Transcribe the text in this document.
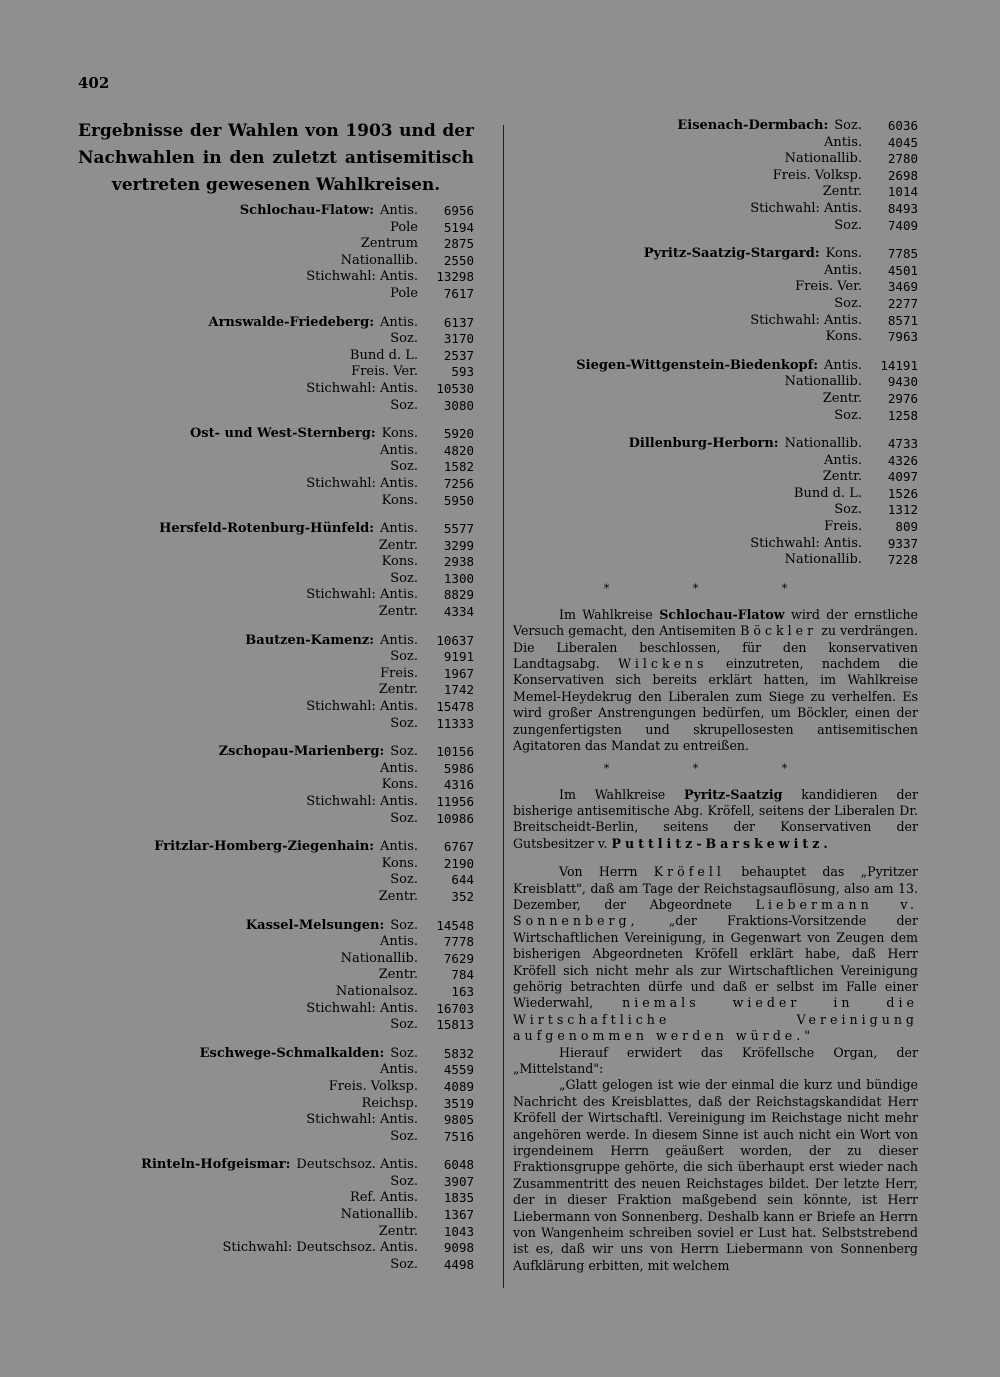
402
Ergebnisse der Wahlen von 1903 und der Nachwahlen in den zuletzt antisemitisch vertreten gewesenen Wahlkreisen.
Schlochau-Flatow: Antis.	6956
Pole	5194
Zentrum	2875
Nationallib.	2550
Stichwahl: Antis.	13298
Pole	7617
Arnswalde-Friedeberg: Antis.	6137
Soz.	3170
Bund d. L.	2537
Freis. Ver.	593
Stichwahl: Antis.	10530
Soz.	3080
Ost- und West-Sternberg: Kons.	5920
Antis.	4820
Soz.	1582
Stichwahl: Antis.	7256
Kons.	5950
Hersfeld-Rotenburg-Hünfeld: Antis.	5577
Zentr.	3299
Kons.	2938
Soz.	1300
Stichwahl: Antis.	8829
Zentr.	4334
Bautzen-Kamenz: Antis.	10637
Soz.	9191
Freis.	1967
Zentr.	1742
Stichwahl: Antis.	15478
Soz.	11333
Zschopau-Marienberg: Soz.	10156
Antis.	5986
Kons.	4316
Stichwahl: Antis.	11956
Soz.	10986
Fritzlar-Homberg-Ziegenhain: Antis.	6767
Kons.	2190
Soz.	644
Zentr.	352
Kassel-Melsungen: Soz.	14548
Antis.	7778
Nationallib.	7629
Zentr.	784
Nationalsoz.	163
Stichwahl: Antis.	16703
Soz.	15813
Eschwege-Schmalkalden: Soz.	5832
Antis.	4559
Freis. Volksp.	4089
Reichsp.	3519
Stichwahl: Antis.	9805
Soz.	7516
Rinteln-Hofgeismar: Deutschsoz. Antis.	6048
Soz.	3907
Ref. Antis.	1835
Nationallib.	1367
Zentr.	1043
Stichwahl: Deutschsoz. Antis.	9098
Soz.	4498
Eisenach-Dermbach: Soz.	6036
Antis.	4045
Nationallib.	2780
Freis. Volksp.	2698
Zentr.	1014
Stichwahl: Antis.	8493
Soz.	7409
Pyritz-Saatzig-Stargard: Kons.	7785
Antis.	4501
Freis. Ver.	3469
Soz.	2277
Stichwahl: Antis.	8571
Kons.	7963
Siegen-Wittgenstein-Biedenkopf: Antis.	14191
Nationallib.	9430
Zentr.	2976
Soz.	1258
Dillenburg-Herborn: Nationallib.	4733
Antis.	4326
Zentr.	4097
Bund d. L.	1526
Soz.	1312
Freis.	809
Stichwahl: Antis.	9337
Nationallib.	7228
* * *

Im Wahlkreise Schlochau-Flatow wird der ernstliche Versuch gemacht, den Antisemiten Böckler zu verdrängen. Die Liberalen beschlossen, für den konservativen Landtagsabg. Wilckens einzutreten, nachdem die Konservativen sich bereits erklärt hatten, im Wahlkreise Memel-Heydekrug den Liberalen zum Siege zu verhelfen. Es wird großer Anstrengungen bedürfen, um Böckler, einen der zungenfertigsten und skrupellosesten antisemitischen Agitatoren das Mandat zu entreißen.

* * *

Im Wahlkreise Pyritz-Saatzig kandidieren der bisherige antisemitische Abg. Kröfell, seitens der Liberalen Dr. Breitscheidt-Berlin, seitens der Konservativen der Gutsbesitzer v. Puttlitz-Barskewitz.

Von Herrn Kröfell behauptet das „Pyritzer Kreisblatt", daß am Tage der Reichstagsauflösung, also am 13. Dezember, der Abgeordnete Liebermann v. Sonnenberg, „der Fraktions-Vorsitzende der Wirtschaftlichen Vereinigung, in Gegenwart von Zeugen dem bisherigen Abgeordneten Kröfell erklärt habe, daß Herr Kröfell sich nicht mehr als zur Wirtschaftlichen Vereinigung gehörig betrachten dürfe und daß er selbst im Falle einer Wiederwahl, niemals wieder in die Wirtschaftliche Vereinigung aufgenommen werden würde."

Hierauf erwidert das Kröfellsche Organ, der „Mittelstand":

„Glatt gelogen ist wie der einmal die kurz und bündige Nachricht des Kreisblattes, daß der Reichstagskandidat Herr Kröfell der Wirtschaftl. Vereinigung im Reichstage nicht mehr angehören werde. In diesem Sinne ist auch nicht ein Wort von irgendeinem Herrn geäußert worden, der zu dieser Fraktionsgruppe gehörte, die sich überhaupt erst wieder nach Zusammentritt des neuen Reichstages bildet. Der letzte Herr, der in dieser Fraktion maßgebend sein könnte, ist Herr Liebermann von Sonnenberg. Deshalb kann er Briefe an Herrn von Wangenheim schreiben soviel er Lust hat. Selbststrebend ist es, daß wir uns von Herrn Liebermann von Sonnenberg Aufklärung erbitten, mit welchem
